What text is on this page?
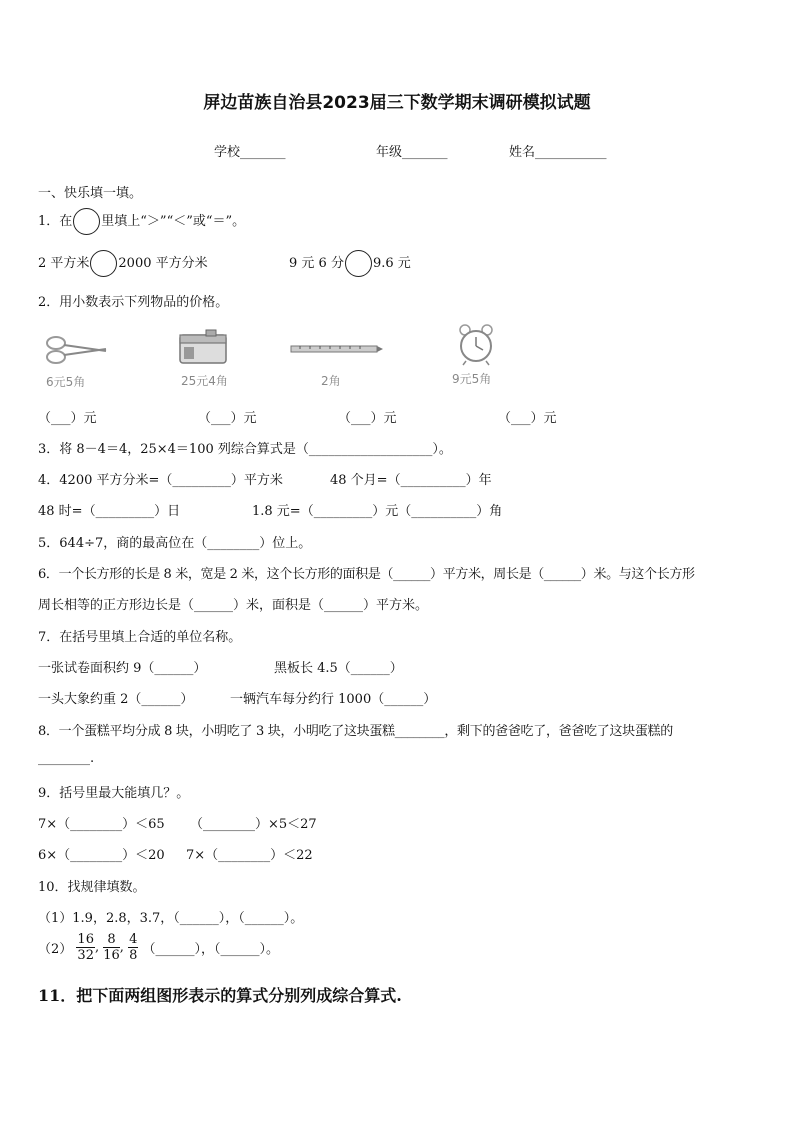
屏边苗族自治县2023届三下数学期末调研模拟试题
学校_______	年级_______	姓名___________
一、快乐填一填。
1．在 里填上“＞”“＜”或“＝”。
2 平方米 2000 平方分米	9 元 6 分 9.6 元
2．用小数表示下列物品的价格。
6元5角	25元4角	2角	9元5角
（___）元	（___）元	（___）元	（___）元
3．将 8－4＝4，25×4＝100 列综合算式是（___________________）。
4．4200 平方分米=（_________）平方米	48 个月=（__________）年
48 时=（_________）日	1.8 元=（_________）元（__________）角
5．644÷7，商的最高位在（________）位上。
6．一个长方形的长是 8 米，宽是 2 米，这个长方形的面积是（______）平方米，周长是（______）米。与这个长方形
周长相等的正方形边长是（______）米，面积是（______）平方米。
7．在括号里填上合适的单位名称。
一张试卷面积约 9（______）	黑板长 4.5（______）
一头大象约重 2（______）	一辆汽车每分约行 1000（______）
8．一个蛋糕平均分成 8 块，小明吃了 3 块，小明吃了这块蛋糕________，剩下的爸爸吃了，爸爸吃了这块蛋糕的
________.
9．括号里最大能填几？。
7×（________）＜65 （________）×5＜27
6×（________）＜20 7×（________）＜22
10．找规律填数。
（1）1.9，2.8，3.7，（______），（______）。
$(2) \frac{16}{32}$ , $\frac{8}{16}$ , $\frac{4}{8}$ （______），（______）。
11．把下面两组图形表示的算式分别列成综合算式.
